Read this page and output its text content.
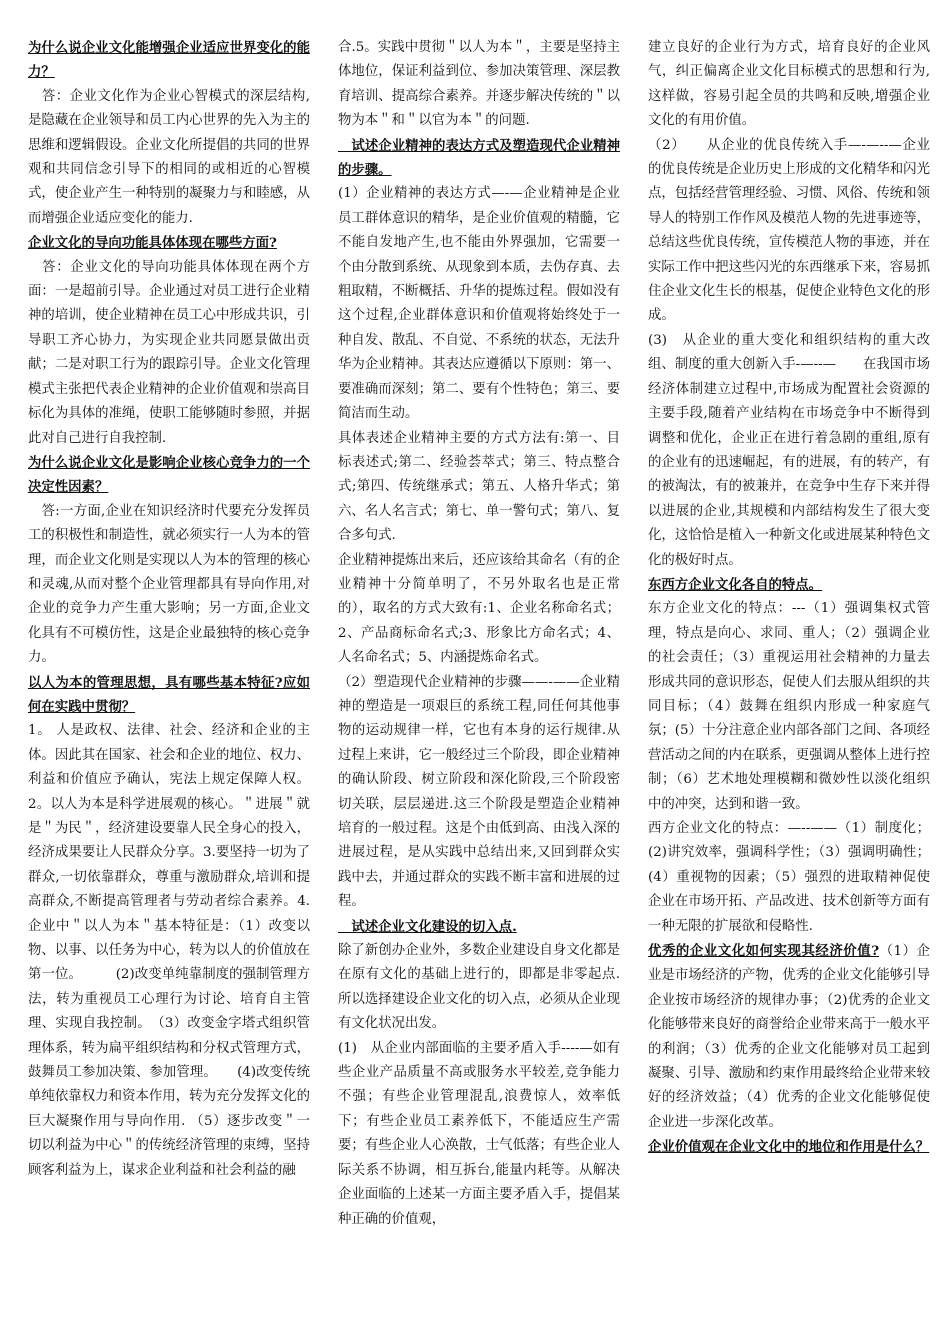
为什么说企业文化能增强企业适应世界变化的能力？

　答：企业文化作为企业心智模式的深层结构,是隐藏在企业领导和员工内心世界的先入为主的思维和逻辑假设。企业文化所提倡的共同的世界观和共同信念引导下的相同的或相近的心智模式，使企业产生一种特别的凝聚力与和睦感，从而增强企业适应变化的能力.

企业文化的导向功能具体体现在哪些方面?

　答：企业文化的导向功能具体体现在两个方面：一是超前引导。企业通过对员工进行企业精神的培训，使企业精神在员工心中形成共识，引导职工齐心协力，为实现企业共同愿景做出贡献；二是对职工行为的跟踪引导。企业文化管理模式主张把代表企业精神的企业价值观和崇高目标化为具体的准绳，使职工能够随时参照，并据此对自己进行自我控制.

为什么说企业文化是影响企业核心竞争力的一个决定性因素？

　答:一方面,企业在知识经济时代要充分发挥员工的积极性和制造性，就必须实行一人为本的管理，而企业文化则是实现以人为本的管理的核心和灵魂,从而对整个企业管理都具有导向作用,对企业的竞争力产生重大影响；另一方面,企业文化具有不可模仿性，这是企业最独特的核心竞争力。

以人为本的管理思想，具有哪些基本特征?应如何在实践中贯彻？

1。 人是政权、法律、社会、经济和企业的主体。因此其在国家、社会和企业的地位、权力、利益和价值应予确认，宪法上规定保障人权。2。以人为本是科学进展观的核心。＂进展＂就是＂为民＂，经济建设要靠人民全身心的投入，经济成果要让人民群众分享。3.要坚持一切为了群众,一切依靠群众，尊重与激励群众,培训和提高群众,不断提高管理者与劳动者综合素养。4.企业中＂以人为本＂基本特征是：（1）改变以物、以事、以任务为中心，转为以人的价值放在第一位。　　　(2)改变单纯靠制度的强制管理方法，转为重视员工心理行为讨论、培育自主管理、实现自我控制。　（3）改变金字塔式组织管理体系，转为扁平组织结构和分权式管理方式，鼓舞员工参加决策、参加管理。　　(4)改变传统单纯依靠权力和资本作用，转为充分发挥文化的巨大凝聚作用与导向作用. （5）逐步改变＂一切以利益为中心＂的传统经济管理的束缚，坚持顾客利益为上，谋求企业利益和社会利益的融

合.5。实践中贯彻＂以人为本＂，主要是坚持主体地位，保证利益到位、参加决策管理、深层教育培训、提高综合素养。并逐步解决传统的＂以物为本＂和＂以官为本＂的问题.

　试述企业精神的表达方式及塑造现代企业精神的步骤。

(1）企业精神的表达方式—-—企业精神是企业员工群体意识的精华，是企业价值观的精髓，它不能自发地产生,也不能由外界强加，它需要一个由分散到系统、从现象到本质，去伪存真、去粗取精，不断概括、升华的提炼过程。假如没有这个过程,企业群体意识和价值观将始终处于一种自发、散乱、不自觉、不系统的状态，无法升华为企业精神。其表达应遵循以下原则：第一、要准确而深刻；第二、要有个性特色；第三、要简洁而生动。

具体表述企业精神主要的方式方法有:第一、目标表述式;第二、经验荟萃式；第三、特点整合式;第四、传统继承式；第五、人格升华式；第六、名人名言式；第七、单一警句式；第八、复合多句式.

企业精神提炼出来后，还应该给其命名（有的企业精神十分简单明了，不另外取名也是正常的），取名的方式大致有:1、企业名称命名式；2、产品商标命名式;3、形象比方命名式；4、人名命名式；5、内涵提炼命名式。

（2）塑造现代企业精神的步骤——-——企业精神的塑造是一项艰巨的系统工程,同任何其他事物的运动规律一样，它也有本身的运行规律.从过程上来讲，它一般经过三个阶段，即企业精神的确认阶段、树立阶段和深化阶段,三个阶段密切关联，层层递进.这三个阶段是塑造企业精神培育的一般过程。这是个由低到高、由浅入深的进展过程，是从实践中总结出来,又回到群众实践中去，并通过群众的实践不断丰富和进展的过程。

　试述企业文化建设的切入点.

除了新创办企业外，多数企业建设自身文化都是在原有文化的基础上进行的，即都是非零起点.所以选择建设企业文化的切入点，必须从企业现有文化状况出发。

(1)　从企业内部面临的主要矛盾入手----—如有些企业产品质量不高或服务水平较差,竞争能力不强；有些企业管理混乱,浪费惊人，效率低下；有些企业员工素养低下，不能适应生产需要；有些企业人心涣散，士气低落；有些企业人际关系不协调，相互拆台,能量内耗等。从解决企业面临的上述某一方面主要矛盾入手，提倡某种正确的价值观，

建立良好的企业行为方式，培育良好的企业风气，纠正偏离企业文化目标模式的思想和行为,这样做，容易引起全员的共鸣和反映,增强企业文化的有用价值。

（2）　　从企业的优良传统入手—-—--—企业的优良传统是企业历史上形成的文化精华和闪光点，包括经营管理经验、习惯、风俗、传统和领导人的特别工作作风及模范人物的先进事迹等，总结这些优良传统，宣传模范人物的事迹，并在实际工作中把这些闪光的东西继承下来，容易抓住企业文化生长的根基，促使企业特色文化的形成。

(3)　从企业的重大变化和组织结构的重大改组、制度的重大创新入手-—--—　　在我国市场经济体制建立过程中,市场成为配置社会资源的主要手段,随着产业结构在市场竞争中不断得到调整和优化，企业正在进行着急剧的重组,原有的企业有的迅速崛起，有的进展，有的转产，有的被淘汰，有的被兼并，在竞争中生存下来并得以进展的企业,其规模和内部结构发生了很大变化，这恰恰是植入一种新文化或进展某种特色文化的极好时点。

东西方企业文化各自的特点。

东方企业文化的特点：---（1）强调集权式管理，特点是向心、求同、重人；（2）强调企业的社会责任；（3）重视运用社会精神的力量去形成共同的意识形态，促使人们去服从组织的共同目标；（4）鼓舞在组织内形成一种家庭气氛；(5）十分注意企业内部各部门之间、各项经营活动之间的内在联系，更强调从整体上进行控制；（6）艺术地处理模糊和微妙性以淡化组织中的冲突，达到和谐一致。

西方企业文化的特点：—--——（1）制度化；(2)讲究效率，强调科学性；（3）强调明确性；(4）重视物的因素；（5）强烈的进取精神促使企业在市场开拓、产品改进、技术创新等方面有一种无限的扩展欲和侵略性.

优秀的企业文化如何实现其经济价值?（1）企业是市场经济的产物，优秀的企业文化能够引导企业按市场经济的规律办事；（2)优秀的企业文化能够带来良好的商誉给企业带来高于一般水平的利润；（3）优秀的企业文化能够对员工起到凝聚、引导、激励和约束作用最终给企业带来较好的经济效益；（4）优秀的企业文化能够促使企业进一步深化改革。

企业价值观在企业文化中的地位和作用是什么？
